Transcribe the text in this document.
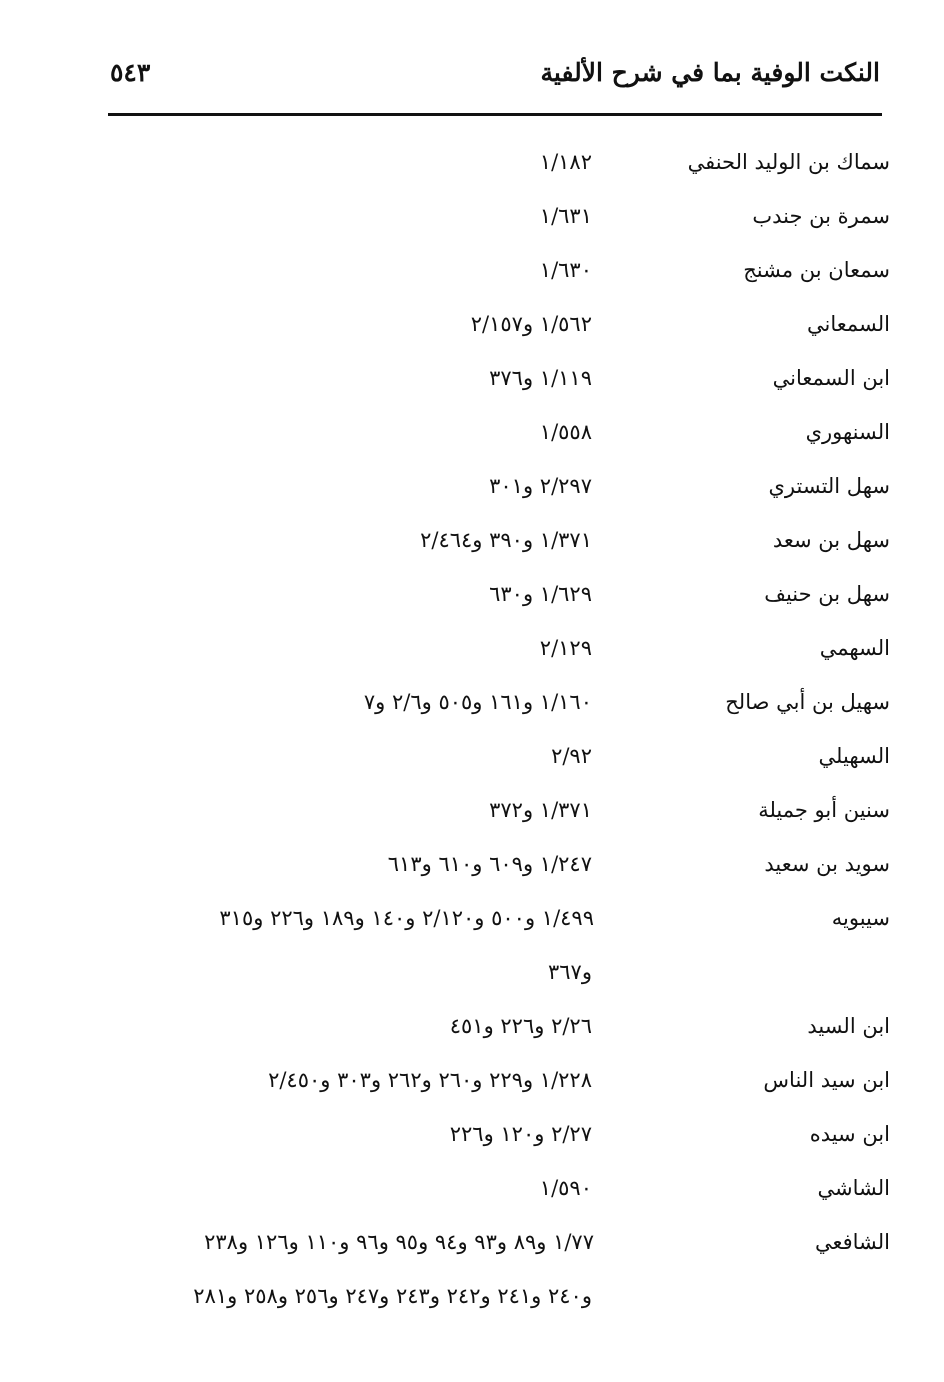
النكت الوفية بما في شرح الألفية
٥٤٣
سماك بن الوليد الحنفي
١/١٨٢
سمرة بن جندب
١/٦٣١
سمعان بن مشنج
١/٦٣٠
السمعاني
١/٥٦٢ و٢/١٥٧
ابن السمعاني
١/١١٩ و٣٧٦
السنهوري
١/٥٥٨
سهل التستري
٢/٢٩٧ و٣٠١
سهل بن سعد
١/٣٧١ و٣٩٠ و٢/٤٦٤
سهل بن حنيف
١/٦٢٩ و٦٣٠
السهمي
٢/١٢٩
سهيل بن أبي صالح
١/١٦٠ و١٦١ و٥٠٥ و٢/٦ و٧
السهيلي
٢/٩٢
سنين أبو جميلة
١/٣٧١ و٣٧٢
سويد بن سعيد
١/٢٤٧ و٦٠٩ و٦١٠ و٦١٣
سيبويه
١/٤٩٩ و٥٠٠ و٢/١٢٠ و١٤٠ و١٨٩ و٢٢٦ و٣١٥
و٣٦٧
ابن السيد
٢/٢٦ و٢٢٦ و٤٥١
ابن سيد الناس
١/٢٢٨ و٢٢٩ و٢٦٠ و٢٦٢ و٣٠٣ و٢/٤٥٠
ابن سيده
٢/٢٧ و١٢٠ و٢٢٦
الشاشي
١/٥٩٠
الشافعي
١/٧٧ و٨٩ و٩٣ و٩٤ و٩٥ و٩٦ و١١٠ و١٢٦ و٢٣٨
و٢٤٠ و٢٤١ و٢٤٢ و٢٤٣ و٢٤٧ و٢٥٦ و٢٥٨ و٢٨١
